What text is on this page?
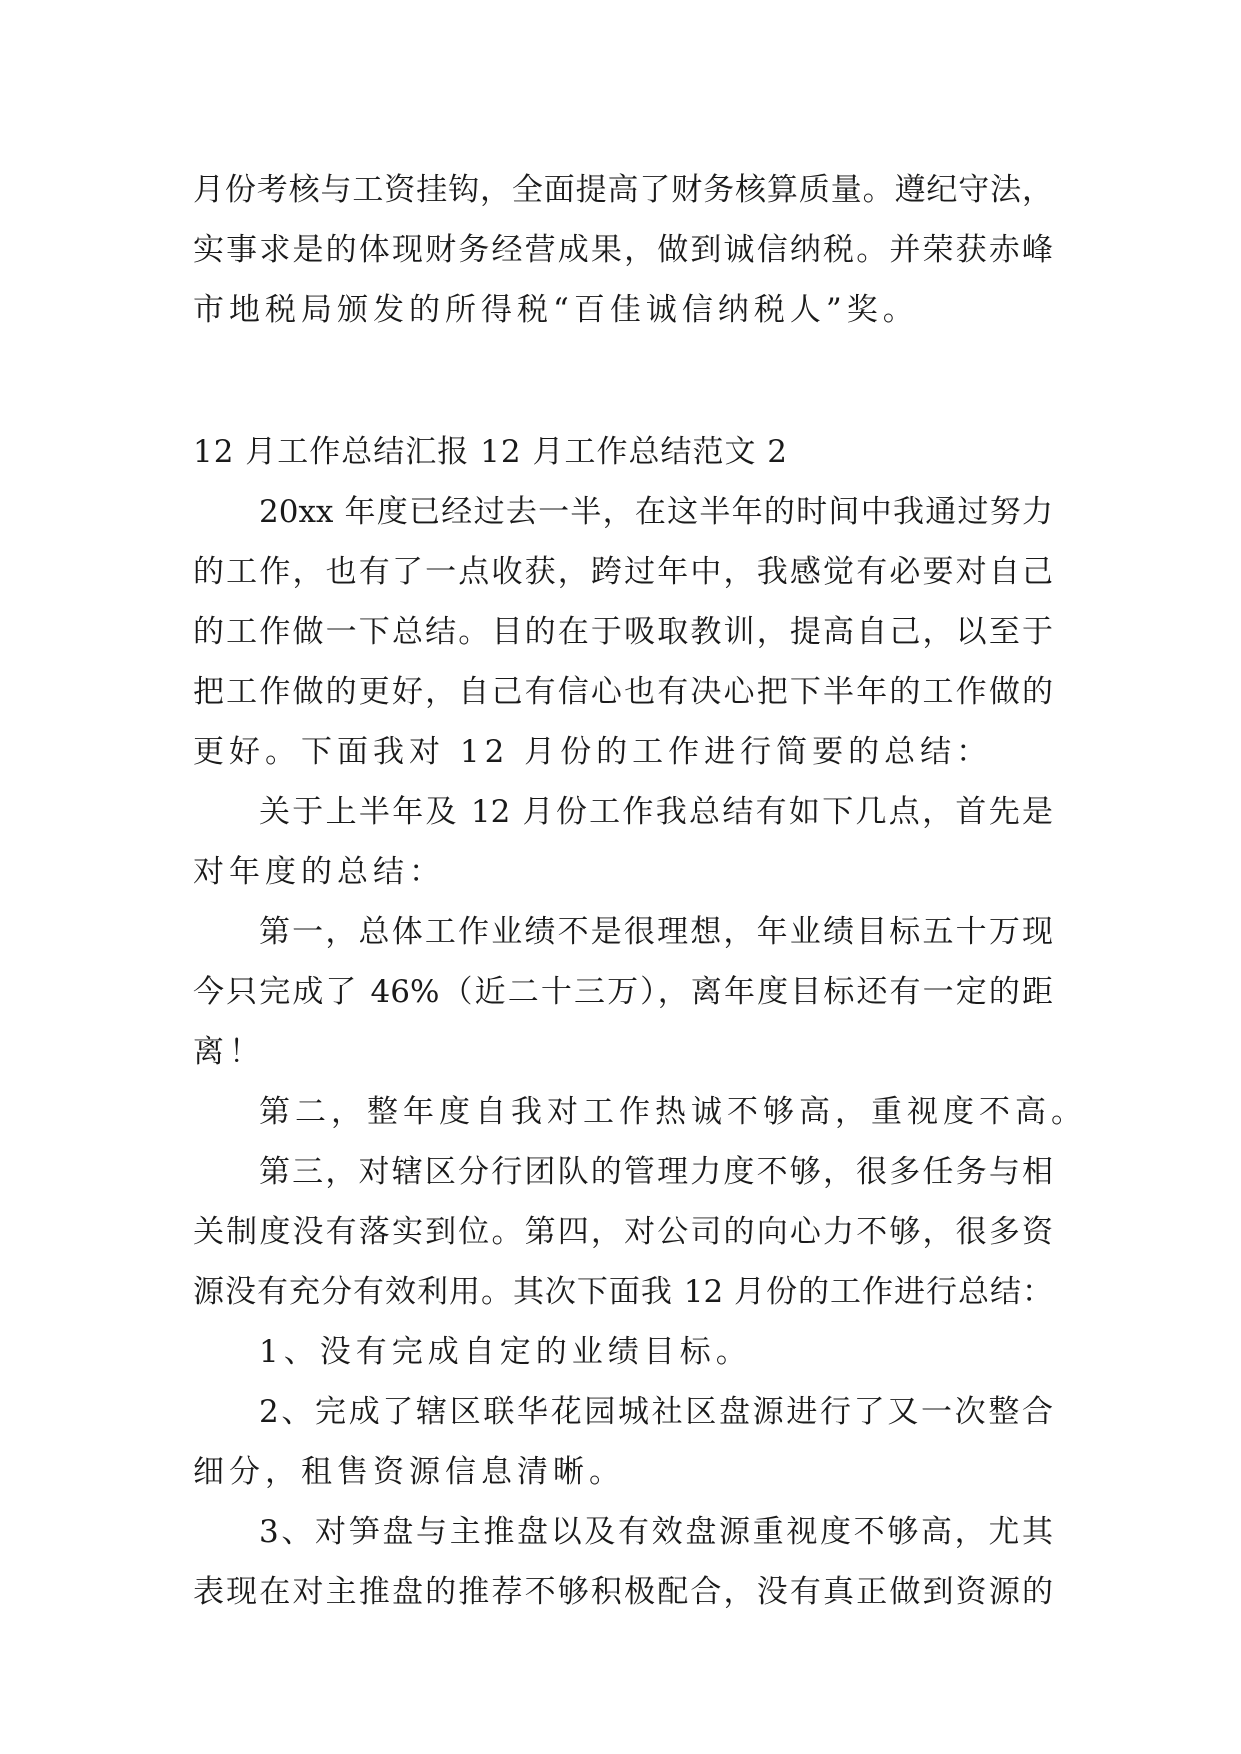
月份考核与工资挂钩，全面提高了财务核算质量。遵纪守法，
实事求是的体现财务经营成果，做到诚信纳税。并荣获赤峰
市地税局颁发的所得税“百佳诚信纳税人”奖。
12 月工作总结汇报 12 月工作总结范文 2
20xx 年度已经过去一半，在这半年的时间中我通过努力
的工作，也有了一点收获，跨过年中，我感觉有必要对自己
的工作做一下总结。目的在于吸取教训，提高自己，以至于
把工作做的更好，自己有信心也有决心把下半年的工作做的
更好。下面我对 12 月份的工作进行简要的总结：
关于上半年及 12 月份工作我总结有如下几点，首先是
对年度的总结：
第一，总体工作业绩不是很理想，年业绩目标五十万现
今只完成了 46%（近二十三万），离年度目标还有一定的距
离！
第二，整年度自我对工作热诚不够高，重视度不高。
第三，对辖区分行团队的管理力度不够，很多任务与相
关制度没有落实到位。第四，对公司的向心力不够，很多资
源没有充分有效利用。其次下面我 12 月份的工作进行总结：
1、没有完成自定的业绩目标。
2、完成了辖区联华花园城社区盘源进行了又一次整合
细分，租售资源信息清晰。
3、对笋盘与主推盘以及有效盘源重视度不够高，尤其
表现在对主推盘的推荐不够积极配合，没有真正做到资源的
